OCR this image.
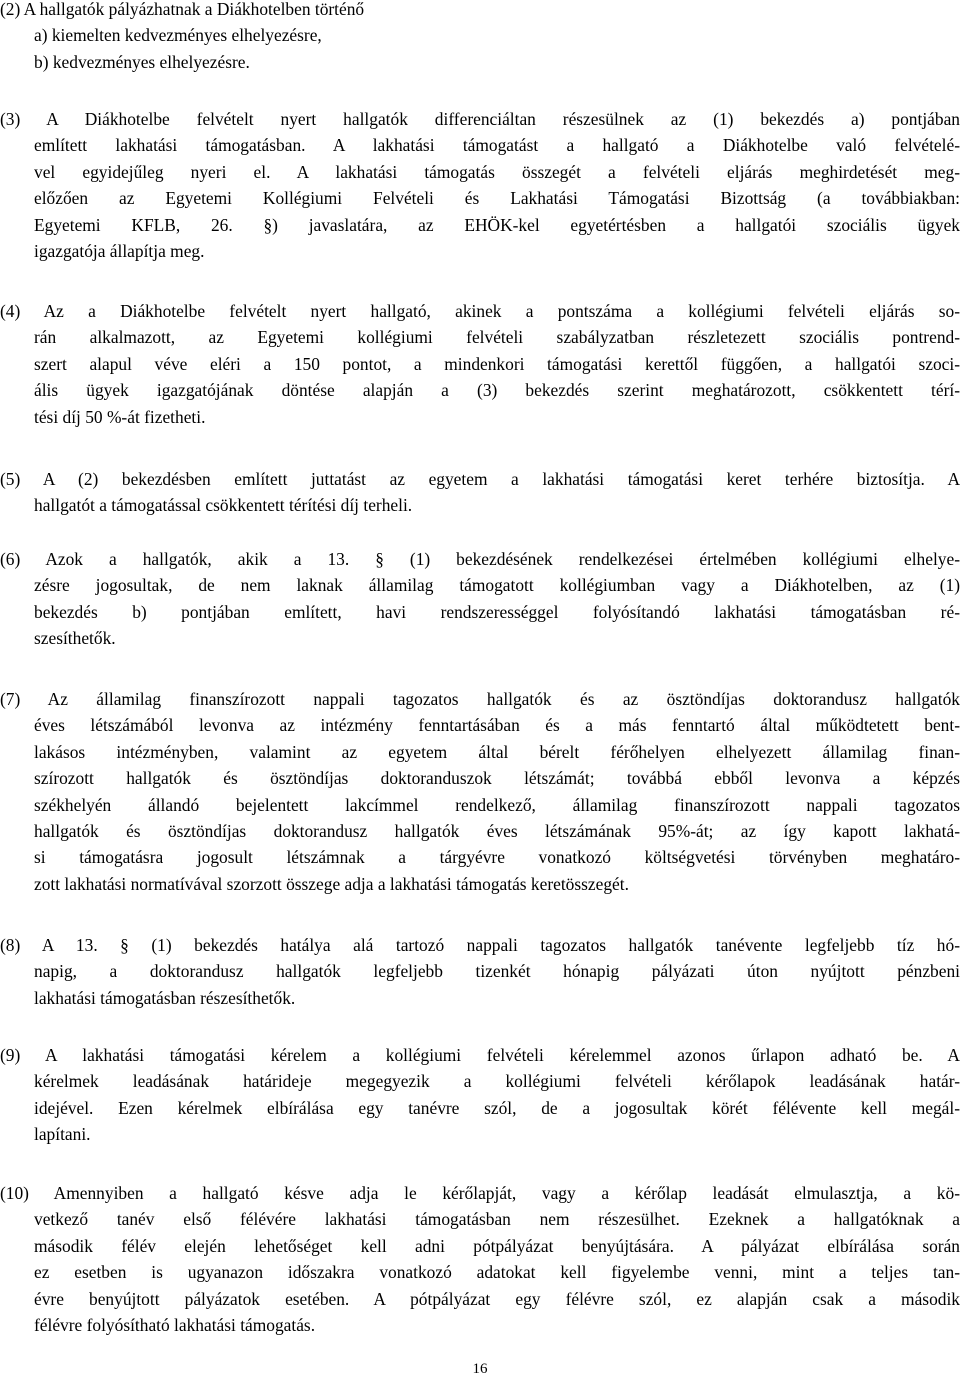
(2) A hallgatók pályázhatnak a Diákhotelben történő
a) kiemelten kedvezményes elhelyezésre,
b) kedvezményes elhelyezésre.
(3) A Diákhotelbe felvételt nyert hallgatók differenciáltan részesülnek az (1) bekezdés a) pontjában
említett lakhatási támogatásban. A lakhatási támogatást a hallgató a Diákhotelbe való felvételé-
vel egyidejűleg nyeri el. A lakhatási támogatás összegét a felvételi eljárás meghirdetését meg-
előzően az Egyetemi Kollégiumi Felvételi és Lakhatási Támogatási Bizottság (a továbbiakban:
Egyetemi KFLB, 26. §) javaslatára, az EHÖK-kel egyetértésben a hallgatói szociális ügyek
igazgatója állapítja meg.
(4) Az a Diákhotelbe felvételt nyert hallgató, akinek a pontszáma a kollégiumi felvételi eljárás so-
rán alkalmazott, az Egyetemi kollégiumi felvételi szabályzatban részletezett szociális pontrend-
szert alapul véve eléri a 150 pontot, a mindenkori támogatási kerettől függően, a hallgatói szoci-
ális ügyek igazgatójának döntése alapján a (3) bekezdés szerint meghatározott, csökkentett térí-
tési díj 50 %-át fizetheti.
(5) A (2) bekezdésben említett juttatást az egyetem a lakhatási támogatási keret terhére biztosítja. A
hallgatót a támogatással csökkentett térítési díj terheli.
(6) Azok a hallgatók, akik a 13. § (1) bekezdésének rendelkezései értelmében kollégiumi elhelye-
zésre jogosultak, de nem laknak államilag támogatott kollégiumban vagy a Diákhotelben, az (1)
bekezdés b) pontjában említett, havi rendszerességgel folyósítandó lakhatási támogatásban ré-
szesíthetők.
(7) Az államilag finanszírozott nappali tagozatos hallgatók és az ösztöndíjas doktorandusz hallgatók
éves létszámából levonva az intézmény fenntartásában és a más fenntartó által működtetett bent-
lakásos intézményben, valamint az egyetem által bérelt férőhelyen elhelyezett államilag finan-
szírozott hallgatók és ösztöndíjas doktoranduszok létszámát; továbbá ebből levonva a képzés
székhelyén állandó bejelentett lakcímmel rendelkező, államilag finanszírozott nappali tagozatos
hallgatók és ösztöndíjas doktorandusz hallgatók éves létszámának 95%-át; az így kapott lakhatá-
si támogatásra jogosult létszámnak a tárgyévre vonatkozó költségvetési törvényben meghatáro-
zott lakhatási normatívával szorzott összege adja a lakhatási támogatás keretösszegét.
(8) A 13. § (1) bekezdés hatálya alá tartozó nappali tagozatos hallgatók tanévente legfeljebb tíz hó-
napig, a doktorandusz hallgatók legfeljebb tizenkét hónapig pályázati úton nyújtott pénzbeni
lakhatási támogatásban részesíthetők.
(9) A lakhatási támogatási kérelem a kollégiumi felvételi kérelemmel azonos űrlapon adható be. A
kérelmek leadásának határideje megegyezik a kollégiumi felvételi kérőlapok leadásának határ-
idejével. Ezen kérelmek elbírálása egy tanévre szól, de a jogosultak körét félévente kell megál-
lapítani.
(10) Amennyiben a hallgató késve adja le kérőlapját, vagy a kérőlap leadását elmulasztja, a kö-
vetkező tanév első félévére lakhatási támogatásban nem részesülhet. Ezeknek a hallgatóknak a
második félév elején lehetőséget kell adni pótpályázat benyújtására. A pályázat elbírálása során
ez esetben is ugyanazon időszakra vonatkozó adatokat kell figyelembe venni, mint a teljes tan-
évre benyújtott pályázatok esetében. A pótpályázat egy félévre szól, ez alapján csak a második
félévre folyósítható lakhatási támogatás.
16
